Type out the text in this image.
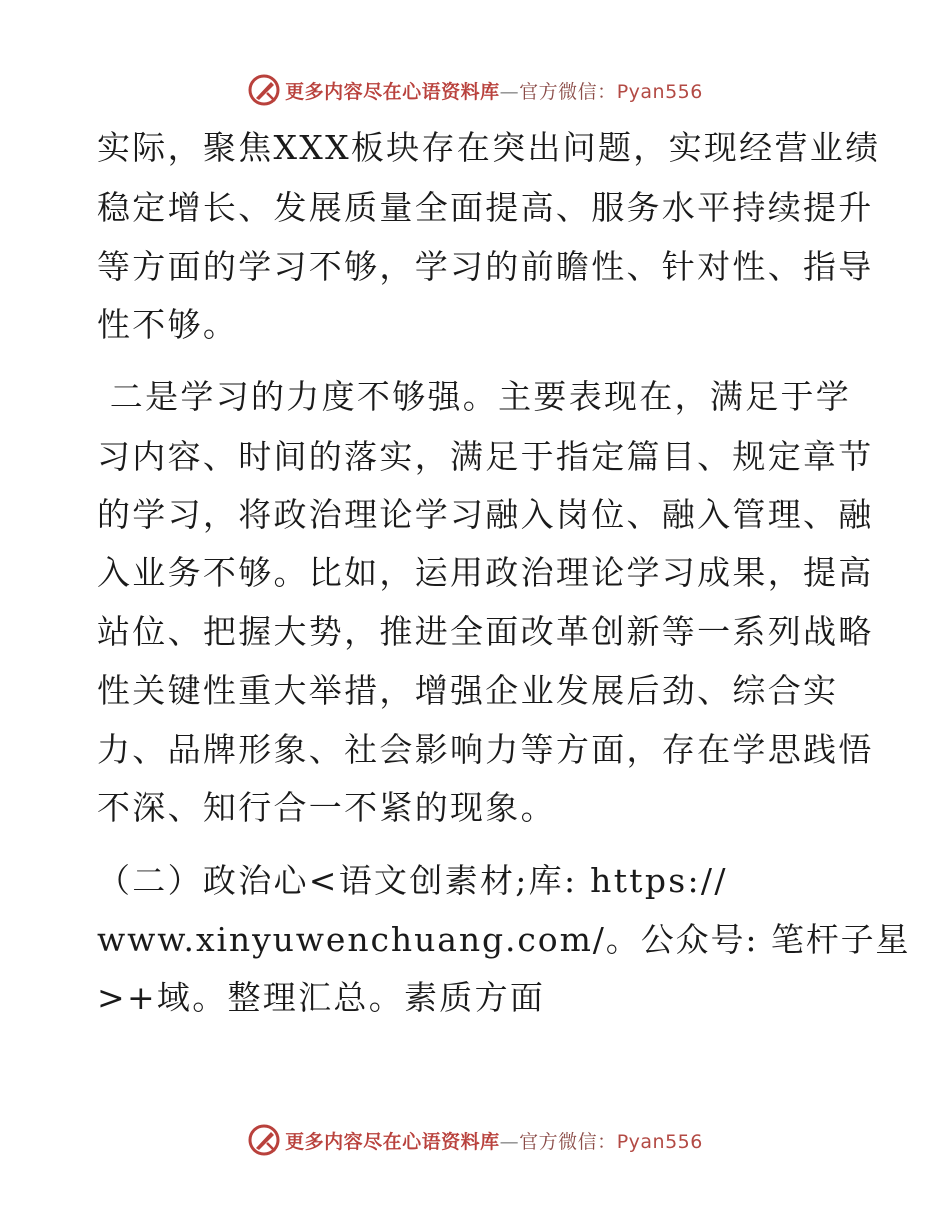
更多内容尽在心语资料库—官方微信：Pyan556
实际，聚焦XXX板块存在突出问题，实现经营业绩
稳定增长、发展质量全面提高、服务水平持续提升
等方面的学习不够，学习的前瞻性、针对性、指导
性不够。
二是学习的力度不够强。主要表现在，满足于学
习内容、时间的落实，满足于指定篇目、规定章节
的学习，将政治理论学习融入岗位、融入管理、融
入业务不够。比如，运用政治理论学习成果，提高
站位、把握大势，推进全面改革创新等一系列战略
性关键性重大举措，增强企业发展后劲、综合实
力、品牌形象、社会影响力等方面，存在学思践悟
不深、知行合一不紧的现象。
（二）政治心<语文创素材;库: https://
www.xinyuwenchuang.com/。公众号: 笔杆子星
>+域。整理汇总。素质方面
更多内容尽在心语资料库—官方微信：Pyan556
